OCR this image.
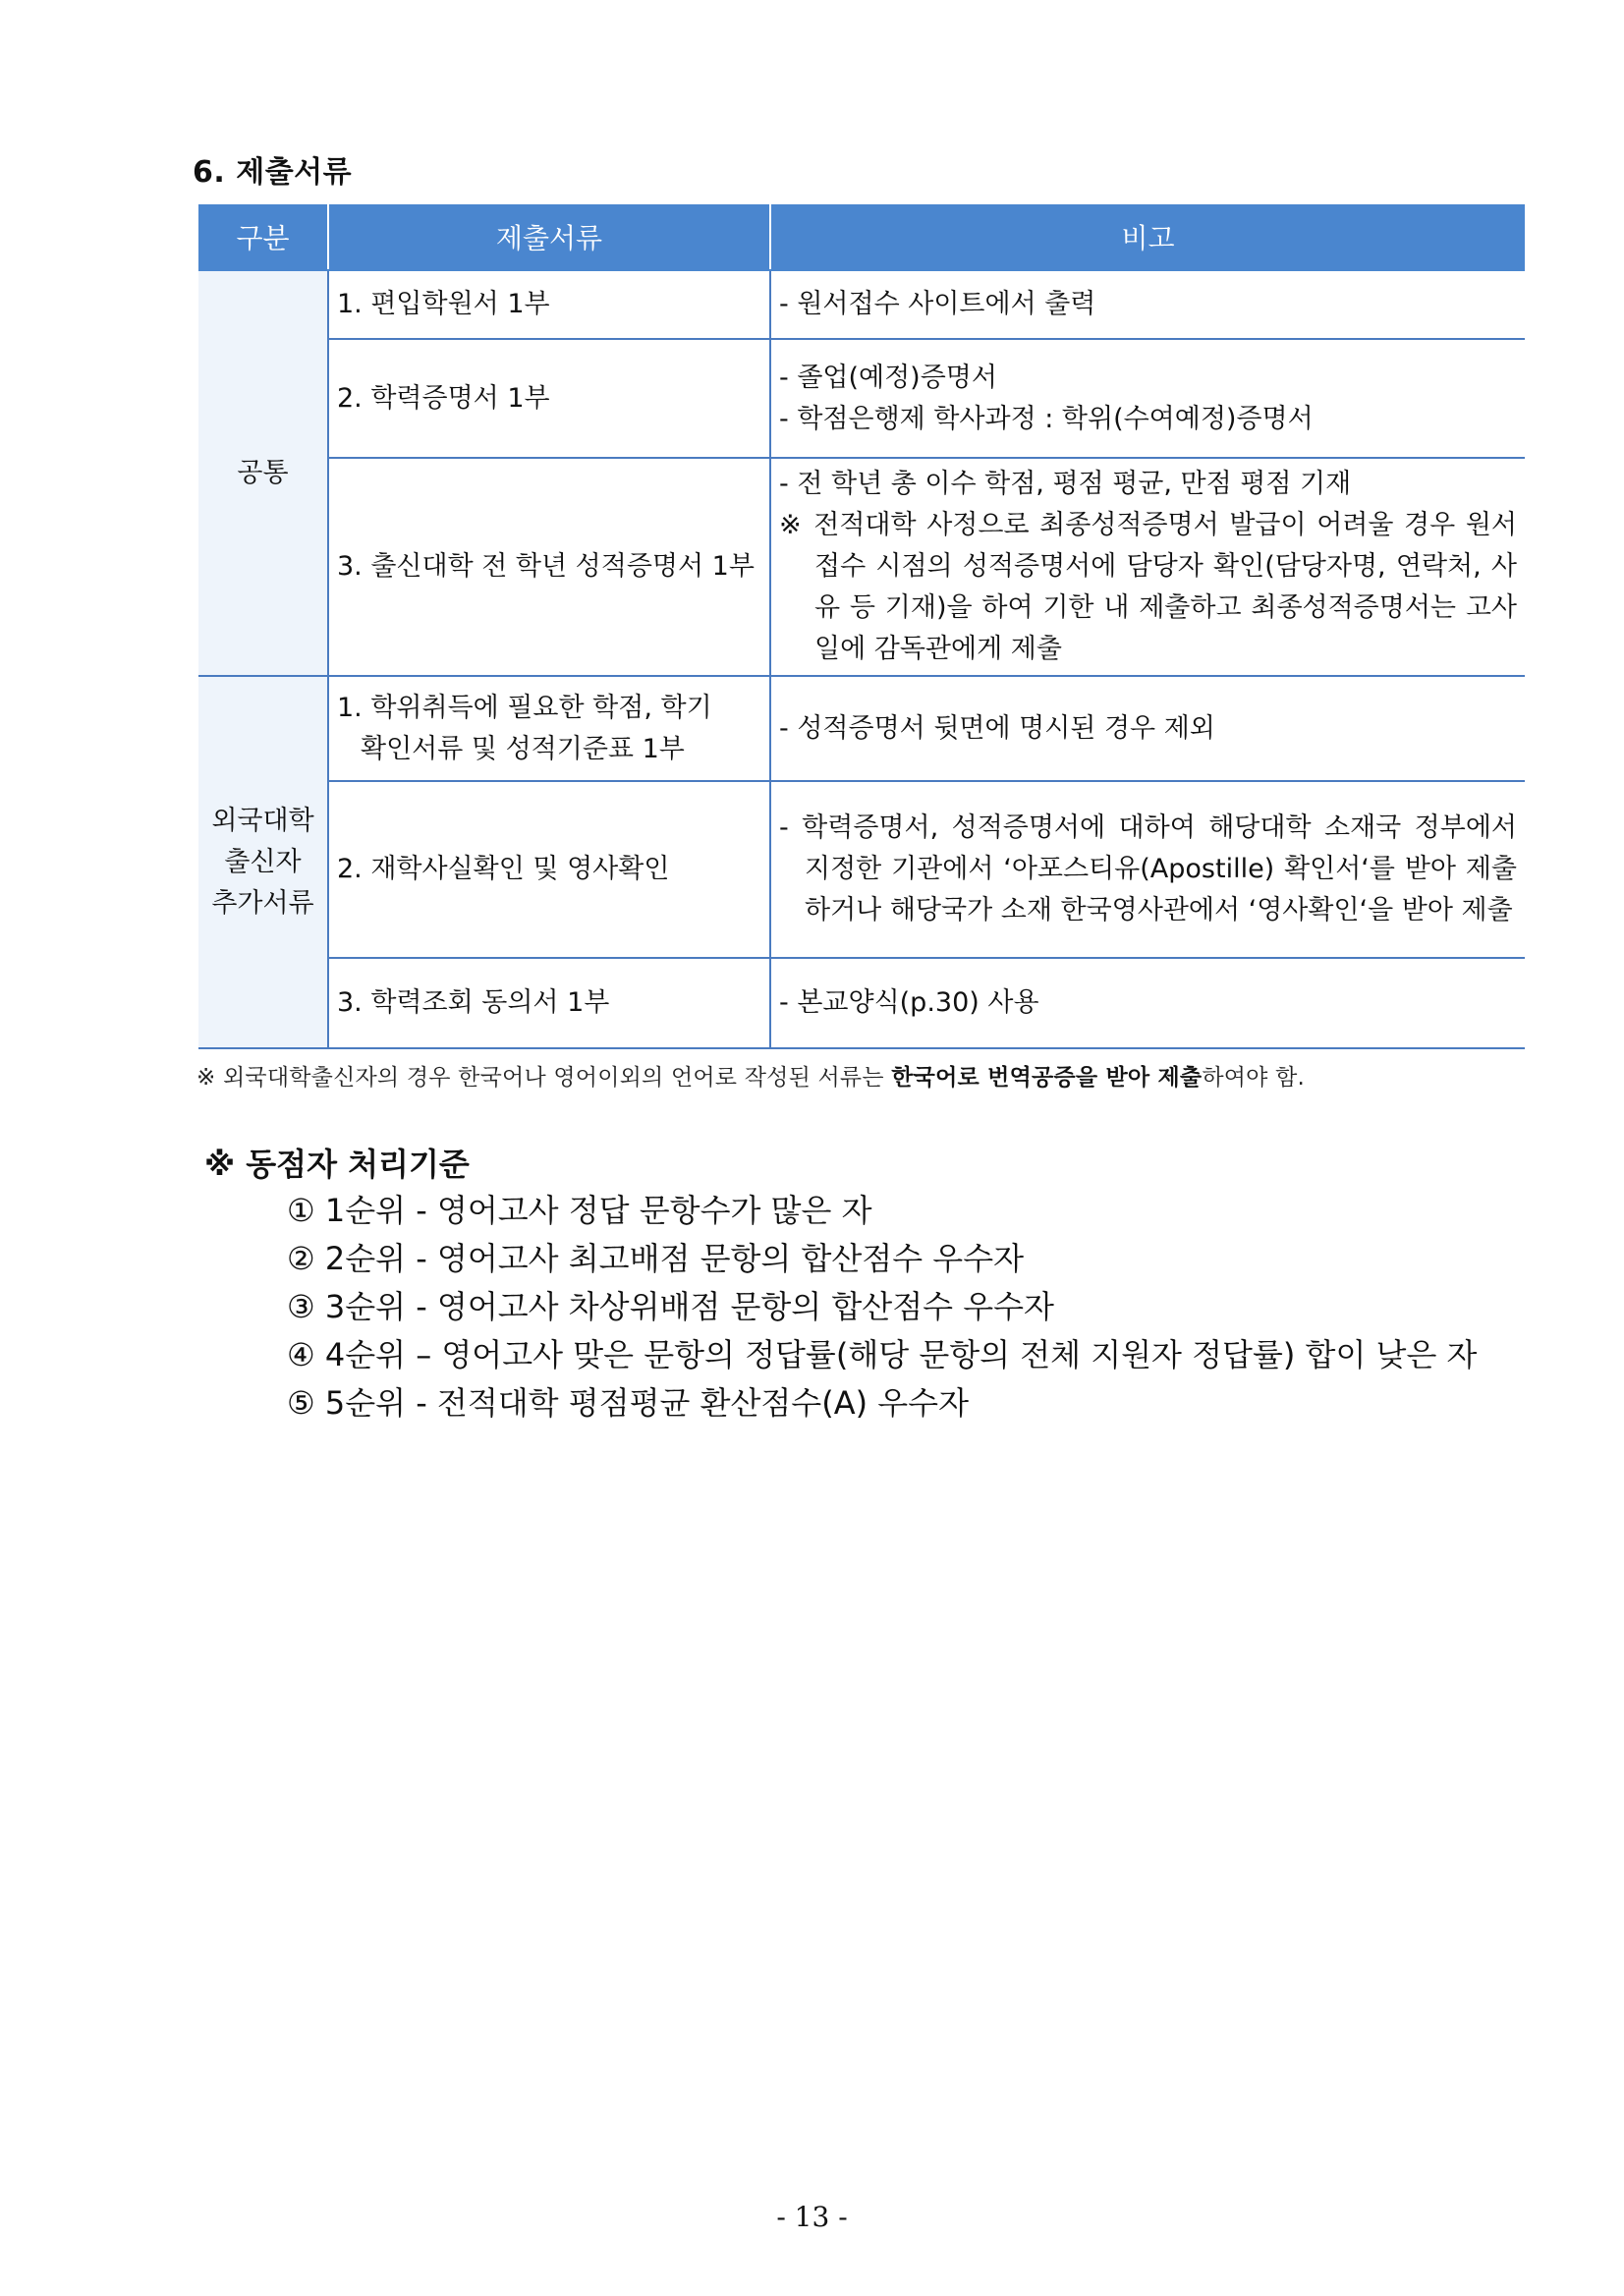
6. 제출서류
구분	제출서류	비고
공통	1. 편입학원서 1부	- 원서접수 사이트에서 출력

	2. 학력증명서 1부	- 졸업(예정)증명서
- 학점은행제 학사과정 : 학위(수여예정)증명서

	3. 출신대학 전 학년 성적증명서 1부	- 전 학년 총 이수 학점, 평점 평균, 만점 평점 기재
※ 전적대학 사정으로 최종성적증명서 발급이 어려울 경우 원서접수 시점의 성적증명서에 담당자 확인(담당자명, 연락처, 사유 등 기재)을 하여 기한 내 제출하고 최종성적증명서는 고사일에 감독관에게 제출

외국대학
출신자
추가서류	1. 학위취득에 필요한 학점, 학기
확인서류 및 성적기준표 1부	- 성적증명서 뒷면에 명시된 경우 제외

	2. 재학사실확인 및 영사확인	- 학력증명서, 성적증명서에 대하여 해당대학 소재국 정부에서 지정한 기관에서 ‘아포스티유(Apostille) 확인서‘를 받아 제출하거나 해당국가 소재 한국영사관에서 ‘영사확인‘을 받아 제출

	3. 학력조회 동의서 1부	- 본교양식(p.30) 사용
※ 외국대학출신자의 경우 한국어나 영어이외의 언어로 작성된 서류는 한국어로 번역공증을 받아 제출하여야 함.
※ 동점자 처리기준
① 1순위 - 영어고사 정답 문항수가 많은 자
② 2순위 - 영어고사 최고배점 문항의 합산점수 우수자
③ 3순위 - 영어고사 차상위배점 문항의 합산점수 우수자
④ 4순위 – 영어고사 맞은 문항의 정답률(해당 문항의 전체 지원자 정답률) 합이 낮은 자
⑤ 5순위 - 전적대학 평점평균 환산점수(A) 우수자
- 13 -
